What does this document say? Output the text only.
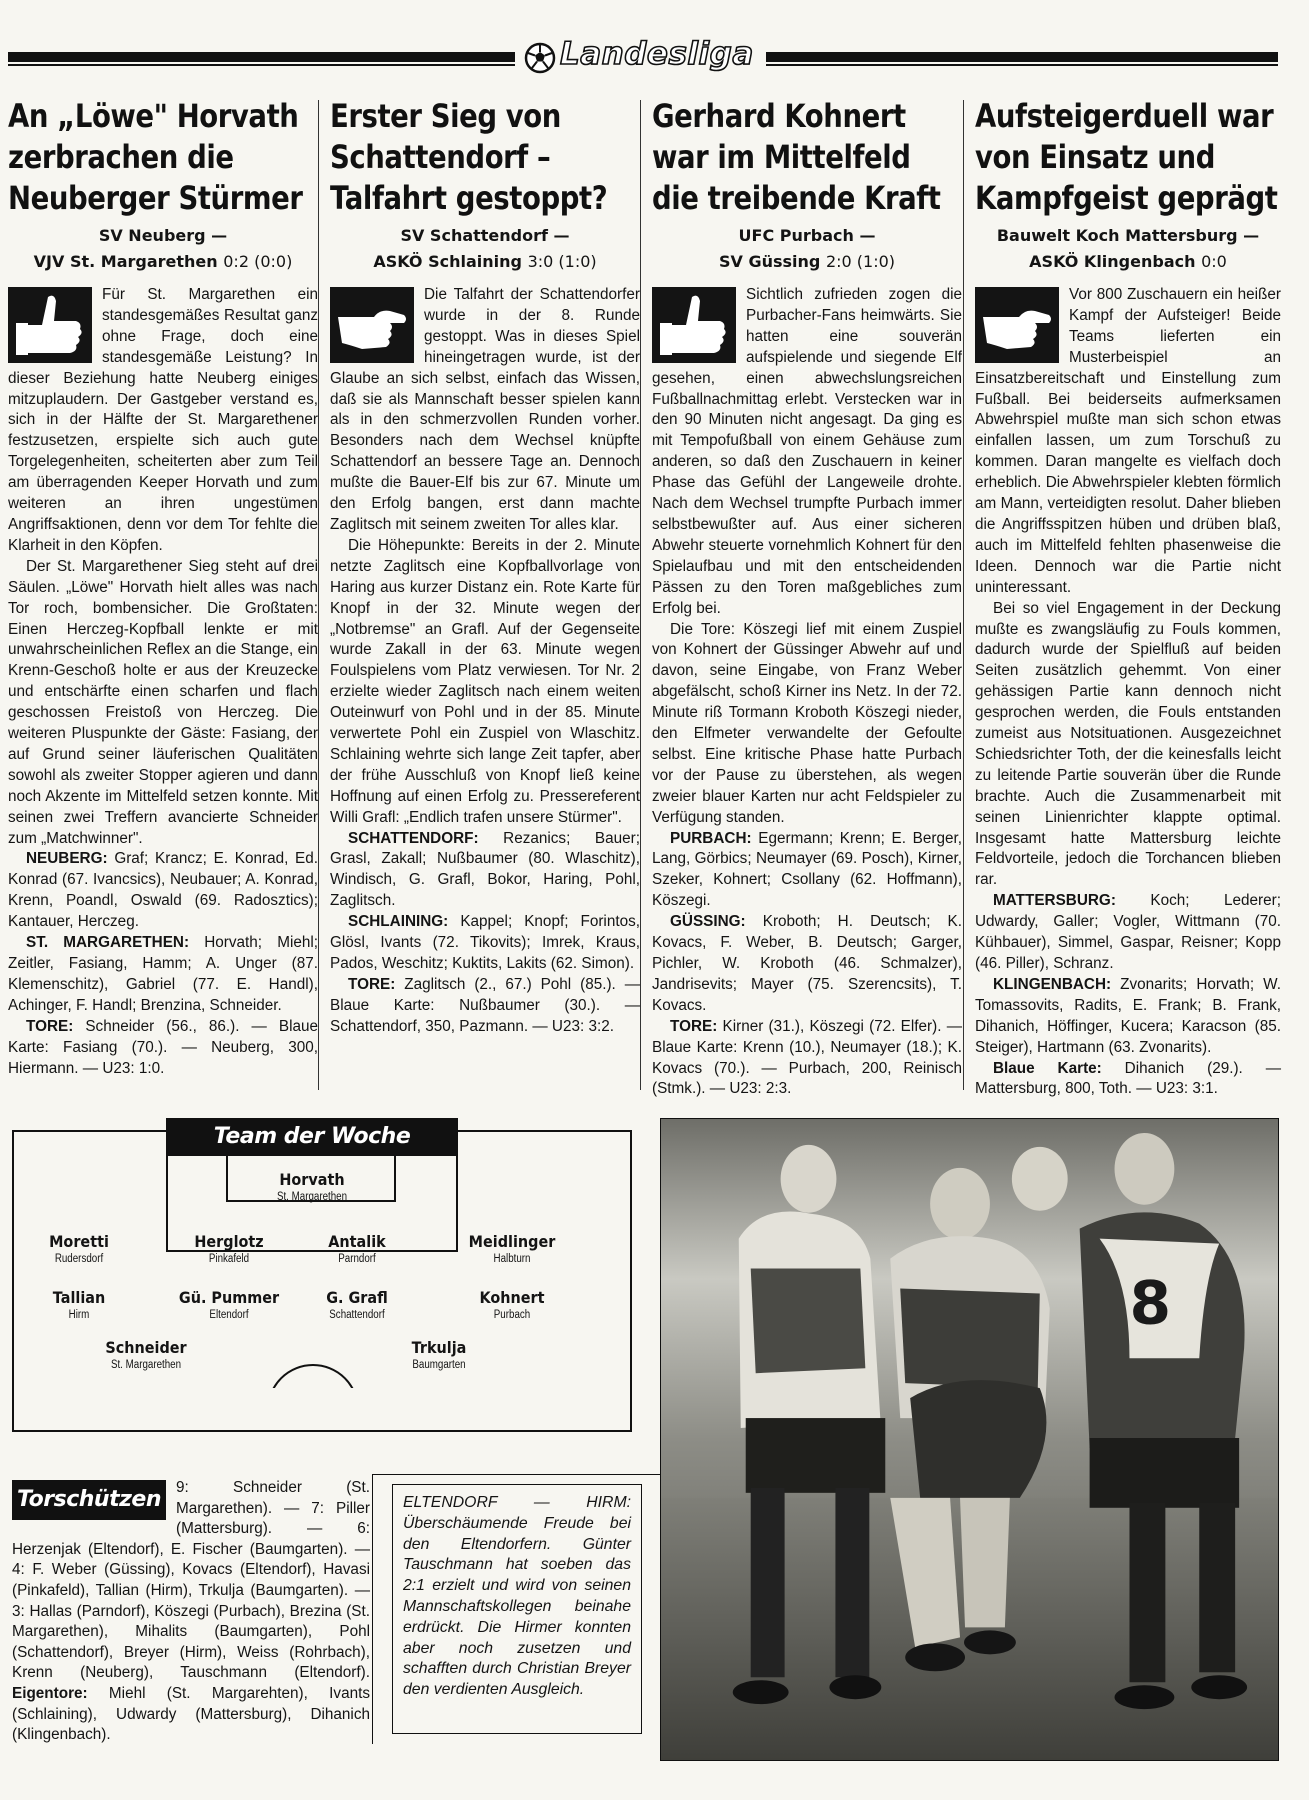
Landesliga
An „Löwe" Horvath
zerbrachen die
Neuberger Stürmer
SV Neuberg —
VJV St. Margarethen 0:2 (0:0)

Für St. Margarethen ein standesgemäßes Resultat ganz ohne Frage, doch eine standesgemäße Leistung? In dieser Beziehung hatte Neuberg einiges mitzuplaudern. Der Gastgeber verstand es, sich in der Hälfte der St. Margarethener festzusetzen, erspielte sich auch gute Torgelegenheiten, scheiterten aber zum Teil am überragenden Keeper Horvath und zum weiteren an ihren ungestümen Angriffsaktionen, denn vor dem Tor fehlte die Klarheit in den Köpfen.

Der St. Margarethener Sieg steht auf drei Säulen. „Löwe" Horvath hielt alles was nach Tor roch, bombensicher. Die Großtaten: Einen Herczeg-Kopfball lenkte er mit unwahrscheinlichen Reflex an die Stange, ein Krenn-Geschoß holte er aus der Kreuzecke und entschärfte einen scharfen und flach geschossen Freistoß von Herczeg. Die weiteren Pluspunkte der Gäste: Fasiang, der auf Grund seiner läuferischen Qualitäten sowohl als zweiter Stopper agieren und dann noch Akzente im Mittelfeld setzen konnte. Mit seinen zwei Treffern avancierte Schneider zum „Matchwinner".

NEUBERG: Graf; Krancz; E. Konrad, Ed. Konrad (67. Ivancsics), Neubauer; A. Konrad, Krenn, Poandl, Oswald (69. Radosztics); Kantauer, Herczeg.

ST. MARGARETHEN: Horvath; Miehl; Zeitler, Fasiang, Hamm; A. Unger (87. Klemenschitz), Gabriel (77. E. Handl), Achinger, F. Handl; Brenzina, Schneider.

TORE: Schneider (56., 86.). — Blaue Karte: Fasiang (70.). — Neuberg, 300, Hiermann. — U23: 1:0.

Erster Sieg von
Schattendorf –
Talfahrt gestoppt?
SV Schattendorf —
ASKÖ Schlaining 3:0 (1:0)

Die Talfahrt der Schattendorfer wurde in der 8. Runde gestoppt. Was in dieses Spiel hineingetragen wurde, ist der Glaube an sich selbst, einfach das Wissen, daß sie als Mannschaft besser spielen kann als in den schmerzvollen Runden vorher. Besonders nach dem Wechsel knüpfte Schattendorf an bessere Tage an. Dennoch mußte die Bauer-Elf bis zur 67. Minute um den Erfolg bangen, erst dann machte Zaglitsch mit seinem zweiten Tor alles klar.

Die Höhepunkte: Bereits in der 2. Minute netzte Zaglitsch eine Kopfballvorlage von Haring aus kurzer Distanz ein. Rote Karte für Knopf in der 32. Minute wegen der „Notbremse" an Grafl. Auf der Gegenseite wurde Zakall in der 63. Minute wegen Foulspielens vom Platz verwiesen. Tor Nr. 2 erzielte wieder Zaglitsch nach einem weiten Outeinwurf von Pohl und in der 85. Minute verwertete Pohl ein Zuspiel von Wlaschitz. Schlaining wehrte sich lange Zeit tapfer, aber der frühe Ausschluß von Knopf ließ keine Hoffnung auf einen Erfolg zu. Pressereferent Willi Grafl: „Endlich trafen unsere Stürmer".

SCHATTENDORF: Rezanics; Bauer; Grasl, Zakall; Nußbaumer (80. Wlaschitz), Windisch, G. Grafl, Bokor, Haring, Pohl, Zaglitsch.

SCHLAINING: Kappel; Knopf; Forintos, Glösl, Ivants (72. Tikovits); Imrek, Kraus, Pados, Weschitz; Kuktits, Lakits (62. Simon).

TORE: Zaglitsch (2., 67.) Pohl (85.). — Blaue Karte: Nußbaumer (30.). — Schattendorf, 350, Pazmann. — U23: 3:2.

Gerhard Kohnert
war im Mittelfeld
die treibende Kraft
UFC Purbach —
SV Güssing 2:0 (1:0)

Sichtlich zufrieden zogen die Purbacher-Fans heimwärts. Sie hatten eine souverän aufspielende und siegende Elf gesehen, einen abwechslungsreichen Fußballnachmittag erlebt. Verstecken war in den 90 Minuten nicht angesagt. Da ging es mit Tempofußball von einem Gehäuse zum anderen, so daß den Zuschauern in keiner Phase das Gefühl der Langeweile drohte. Nach dem Wechsel trumpfte Purbach immer selbstbewußter auf. Aus einer sicheren Abwehr steuerte vornehmlich Kohnert für den Spielaufbau und mit den entscheidenden Pässen zu den Toren maßgebliches zum Erfolg bei.

Die Tore: Köszegi lief mit einem Zuspiel von Kohnert der Güssinger Abwehr auf und davon, seine Eingabe, von Franz Weber abgefälscht, schoß Kirner ins Netz. In der 72. Minute riß Tormann Kroboth Köszegi nieder, den Elfmeter verwandelte der Gefoulte selbst. Eine kritische Phase hatte Purbach vor der Pause zu überstehen, als wegen zweier blauer Karten nur acht Feldspieler zu Verfügung standen.

PURBACH: Egermann; Krenn; E. Berger, Lang, Görbics; Neumayer (69. Posch), Kirner, Szeker, Kohnert; Csollany (62. Hoffmann), Köszegi.

GÜSSING: Kroboth; H. Deutsch; K. Kovacs, F. Weber, B. Deutsch; Garger, Pichler, W. Kroboth (46. Schmalzer), Jandrisevits; Mayer (75. Szerencsits), T. Kovacs.

TORE: Kirner (31.), Köszegi (72. Elfer). — Blaue Karte: Krenn (10.), Neumayer (18.); K. Kovacs (70.). — Purbach, 200, Reinisch (Stmk.). — U23: 2:3.

Aufsteigerduell war
von Einsatz und
Kampfgeist geprägt
Bauwelt Koch Mattersburg —
ASKÖ Klingenbach 0:0

Vor 800 Zuschauern ein heißer Kampf der Aufsteiger! Beide Teams lieferten ein Musterbeispiel an Einsatzbereitschaft und Einstellung zum Fußball. Bei beiderseits aufmerksamen Abwehrspiel mußte man sich schon etwas einfallen lassen, um zum Torschuß zu kommen. Daran mangelte es vielfach doch erheblich. Die Abwehrspieler klebten förmlich am Mann, verteidigten resolut. Daher blieben die Angriffsspitzen hüben und drüben blaß, auch im Mittelfeld fehlten phasenweise die Ideen. Dennoch war die Partie nicht uninteressant.

Bei so viel Engagement in der Deckung mußte es zwangsläufig zu Fouls kommen, dadurch wurde der Spielfluß auf beiden Seiten zusätzlich gehemmt. Von einer gehässigen Partie kann dennoch nicht gesprochen werden, die Fouls entstanden zumeist aus Notsituationen. Ausgezeichnet Schiedsrichter Toth, der die keinesfalls leicht zu leitende Partie souverän über die Runde brachte. Auch die Zusammenarbeit mit seinen Linienrichter klappte optimal. Insgesamt hatte Mattersburg leichte Feldvorteile, jedoch die Torchancen blieben rar.

MATTERSBURG: Koch; Lederer; Udwardy, Galler; Vogler, Wittmann (70. Kühbauer), Simmel, Gaspar, Reisner; Kopp (46. Piller), Schranz.

KLINGENBACH: Zvonarits; Horvath; W. Tomassovits, Radits, E. Frank; B. Frank, Dihanich, Höffinger, Kucera; Karacson (85. Steiger), Hartmann (63. Zvonarits).

Blaue Karte: Dihanich (29.). — Mattersburg, 800, Toth. — U23: 3:1.

Team der Woche
Horvath
St. Margarethen
Moretti
Rudersdorf
Herglotz
Pinkafeld
Antalik
Parndorf
Meidlinger
Halbturn
Tallian
Hirm
Gü. Pummer
Eltendorf
G. Grafl
Schattendorf
Kohnert
Purbach
Schneider
St. Margarethen
Trkulja
Baumgarten
Torschützen 9: Schneider (St. Margarethen). — 7: Piller (Mattersburg). — 6: Herzenjak (Eltendorf), E. Fischer (Baumgarten). — 4: F. Weber (Güssing), Kovacs (Eltendorf), Havasi (Pinkafeld), Tallian (Hirm), Trkulja (Baumgarten). — 3: Hallas (Parndorf), Köszegi (Purbach), Brezina (St. Margarethen), Mihalits (Baumgarten), Pohl (Schattendorf), Breyer (Hirm), Weiss (Rohrbach), Krenn (Neuberg), Tauschmann (Eltendorf). Eigentore: Miehl (St. Margarehten), Ivants (Schlaining), Udwardy (Mattersburg), Dihanich (Klingenbach).
ELTENDORF — HIRM: Überschäumende Freude bei den Eltendorfern. Günter Tauschmann hat soeben das 2:1 erzielt und wird von seinen Mannschaftskollegen beinahe erdrückt. Die Hirmer konnten aber noch zusetzen und schafften durch Christian Breyer den verdienten Ausgleich.
8
